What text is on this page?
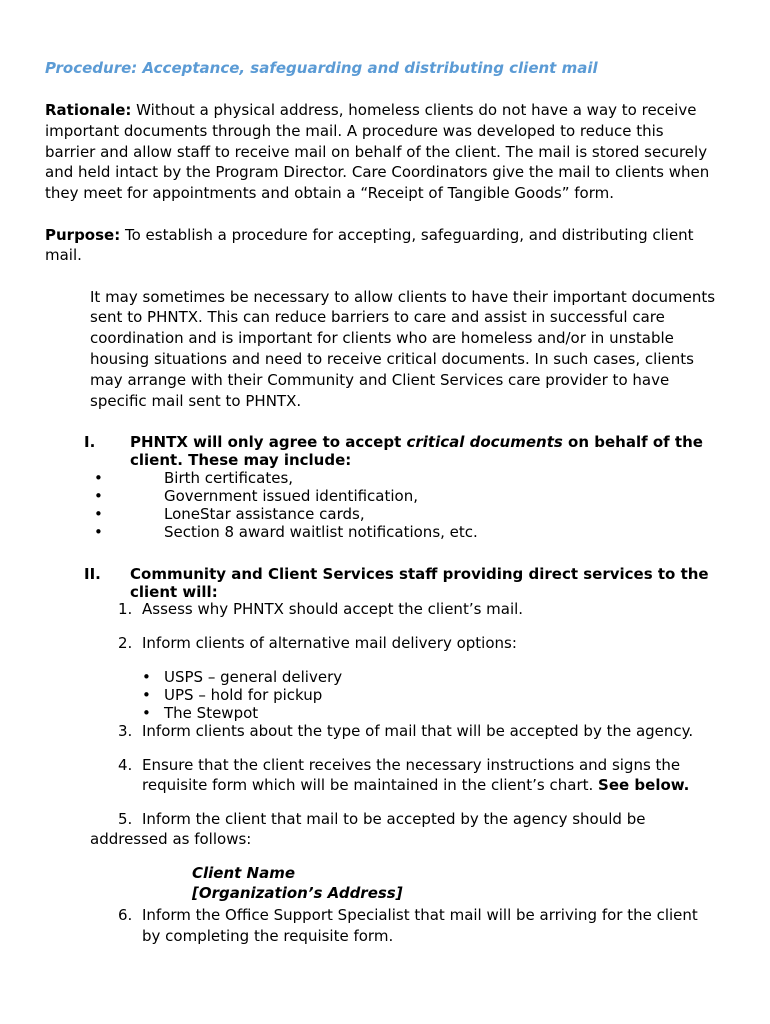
Procedure: Acceptance, safeguarding and distributing client mail
Rationale: Without a physical address, homeless clients do not have a way to receive
important documents through the mail. A procedure was developed to reduce this
barrier and allow staff to receive mail on behalf of the client. The mail is stored securely
and held intact by the Program Director. Care Coordinators give the mail to clients when
they meet for appointments and obtain a “Receipt of Tangible Goods” form.
Purpose: To establish a procedure for accepting, safeguarding, and distributing client
mail.
It may sometimes be necessary to allow clients to have their important documents
sent to PHNTX. This can reduce barriers to care and assist in successful care
coordination and is important for clients who are homeless and/or in unstable
housing situations and need to receive critical documents. In such cases, clients
may arrange with their Community and Client Services care provider to have
specific mail sent to PHNTX.
I. PHNTX will only agree to accept critical documents on behalf of the
client. These may include:
•	Birth certificates,
•	Government issued identification,
•	LoneStar assistance cards,
•	Section 8 award waitlist notifications, etc.
II. Community and Client Services staff providing direct services to the
client will:
1. Assess why PHNTX should accept the client’s mail.
2. Inform clients of alternative mail delivery options:
• USPS – general delivery
• UPS – hold for pickup
• The Stewpot
3. Inform clients about the type of mail that will be accepted by the agency.
4. Ensure that the client receives the necessary instructions and signs the
requisite form which will be maintained in the client’s chart. See below.
5. Inform the client that mail to be accepted by the agency should be
addressed as follows:
Client Name
[Organization’s Address]
6. Inform the Office Support Specialist that mail will be arriving for the client
by completing the requisite form.
